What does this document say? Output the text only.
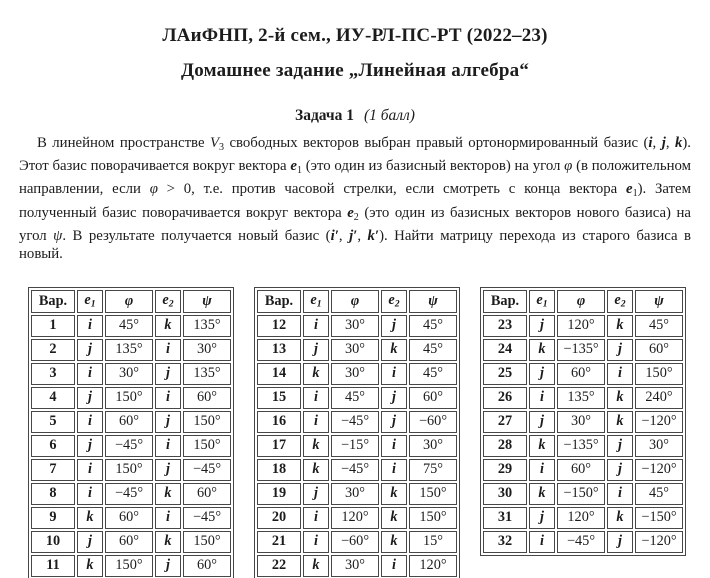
ЛАиФНП, 2-й сем., ИУ-РЛ-ПС-РТ (2022–23)
Домашнее задание „Линейная алгебра“
Задача 1 (1 балл)

В линейном пространстве V3 свободных векторов выбран правый ортонормированный базис (i, j, k). Этот базис поворачивается вокруг вектора e1 (это один из базисный векторов) на угол φ (в положительном направлении, если φ > 0, т.е. против часовой стрелки, если смотреть с конца вектора e1). Затем полученный базис поворачивается вокруг вектора e2 (это один из базисных векторов нового базиса) на угол ψ. В результате получается новый базис (i′, j′, k′). Найти матрицу перехода из старого базиса в новый.

Вар.	e1	φ	e2	ψ
1	i	45°	k	135°
2	j	135°	i	30°
3	i	30°	j	135°
4	j	150°	i	60°
5	i	60°	j	150°
6	j	−45°	i	150°
7	i	150°	j	−45°
8	i	−45°	k	60°
9	k	60°	i	−45°
10	j	60°	k	150°
11	k	150°	j	60°
Вар.	e1	φ	e2	ψ
12	i	30°	j	45°
13	j	30°	k	45°
14	k	30°	i	45°
15	i	45°	j	60°
16	i	−45°	j	−60°
17	k	−15°	i	30°
18	k	−45°	i	75°
19	j	30°	k	150°
20	i	120°	k	150°
21	i	−60°	k	15°
22	k	30°	i	120°
Вар.	e1	φ	e2	ψ
23	j	120°	k	45°
24	k	−135°	j	60°
25	j	60°	i	150°
26	i	135°	k	240°
27	j	30°	k	−120°
28	k	−135°	j	30°
29	i	60°	j	−120°
30	k	−150°	i	45°
31	j	120°	k	−150°
32	i	−45°	j	−120°
